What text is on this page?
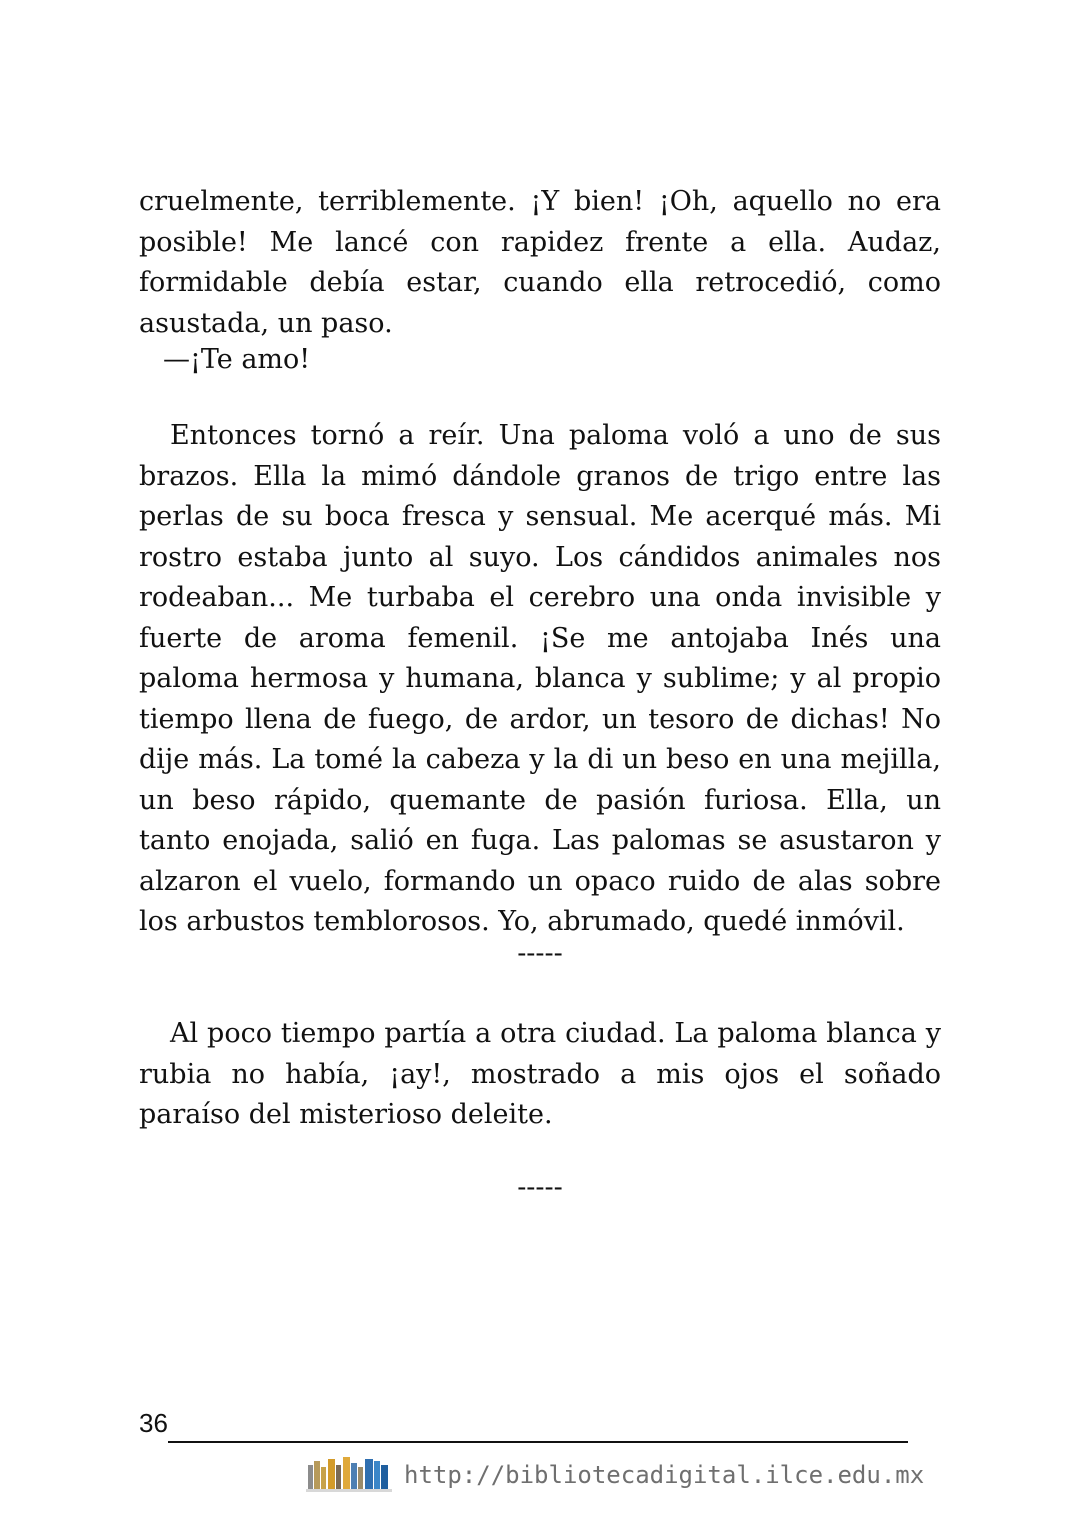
cruelmente, terriblemente. ¡Y bien! ¡Oh, aquello no era posible! Me lancé con rapidez frente a ella. Audaz, formidable debía estar, cuando ella retrocedió, como asustada, un paso.

—¡Te amo!

Entonces tornó a reír. Una paloma voló a uno de sus brazos. Ella la mimó dándole granos de trigo entre las perlas de su boca fresca y sensual. Me acerqué más. Mi rostro estaba junto al suyo. Los cándidos animales nos rodeaban... Me turbaba el cerebro una onda invisible y fuerte de aroma femenil. ¡Se me antojaba Inés una paloma hermosa y humana, blanca y sublime; y al propio tiempo llena de fuego, de ardor, un tesoro de dichas! No dije más. La tomé la cabeza y la di un beso en una mejilla, un beso rápido, quemante de pasión furiosa. Ella, un tanto enojada, salió en fuga. Las palomas se asustaron y alzaron el vuelo, formando un opaco ruido de alas sobre los arbustos temblorosos. Yo, abrumado, quedé inmóvil.

-----

Al poco tiempo partía a otra ciudad. La paloma blanca y rubia no había, ¡ay!, mostrado a mis ojos el soñado paraíso del misterioso deleite.

-----

36
http://bibliotecadigital.ilce.edu.mx
